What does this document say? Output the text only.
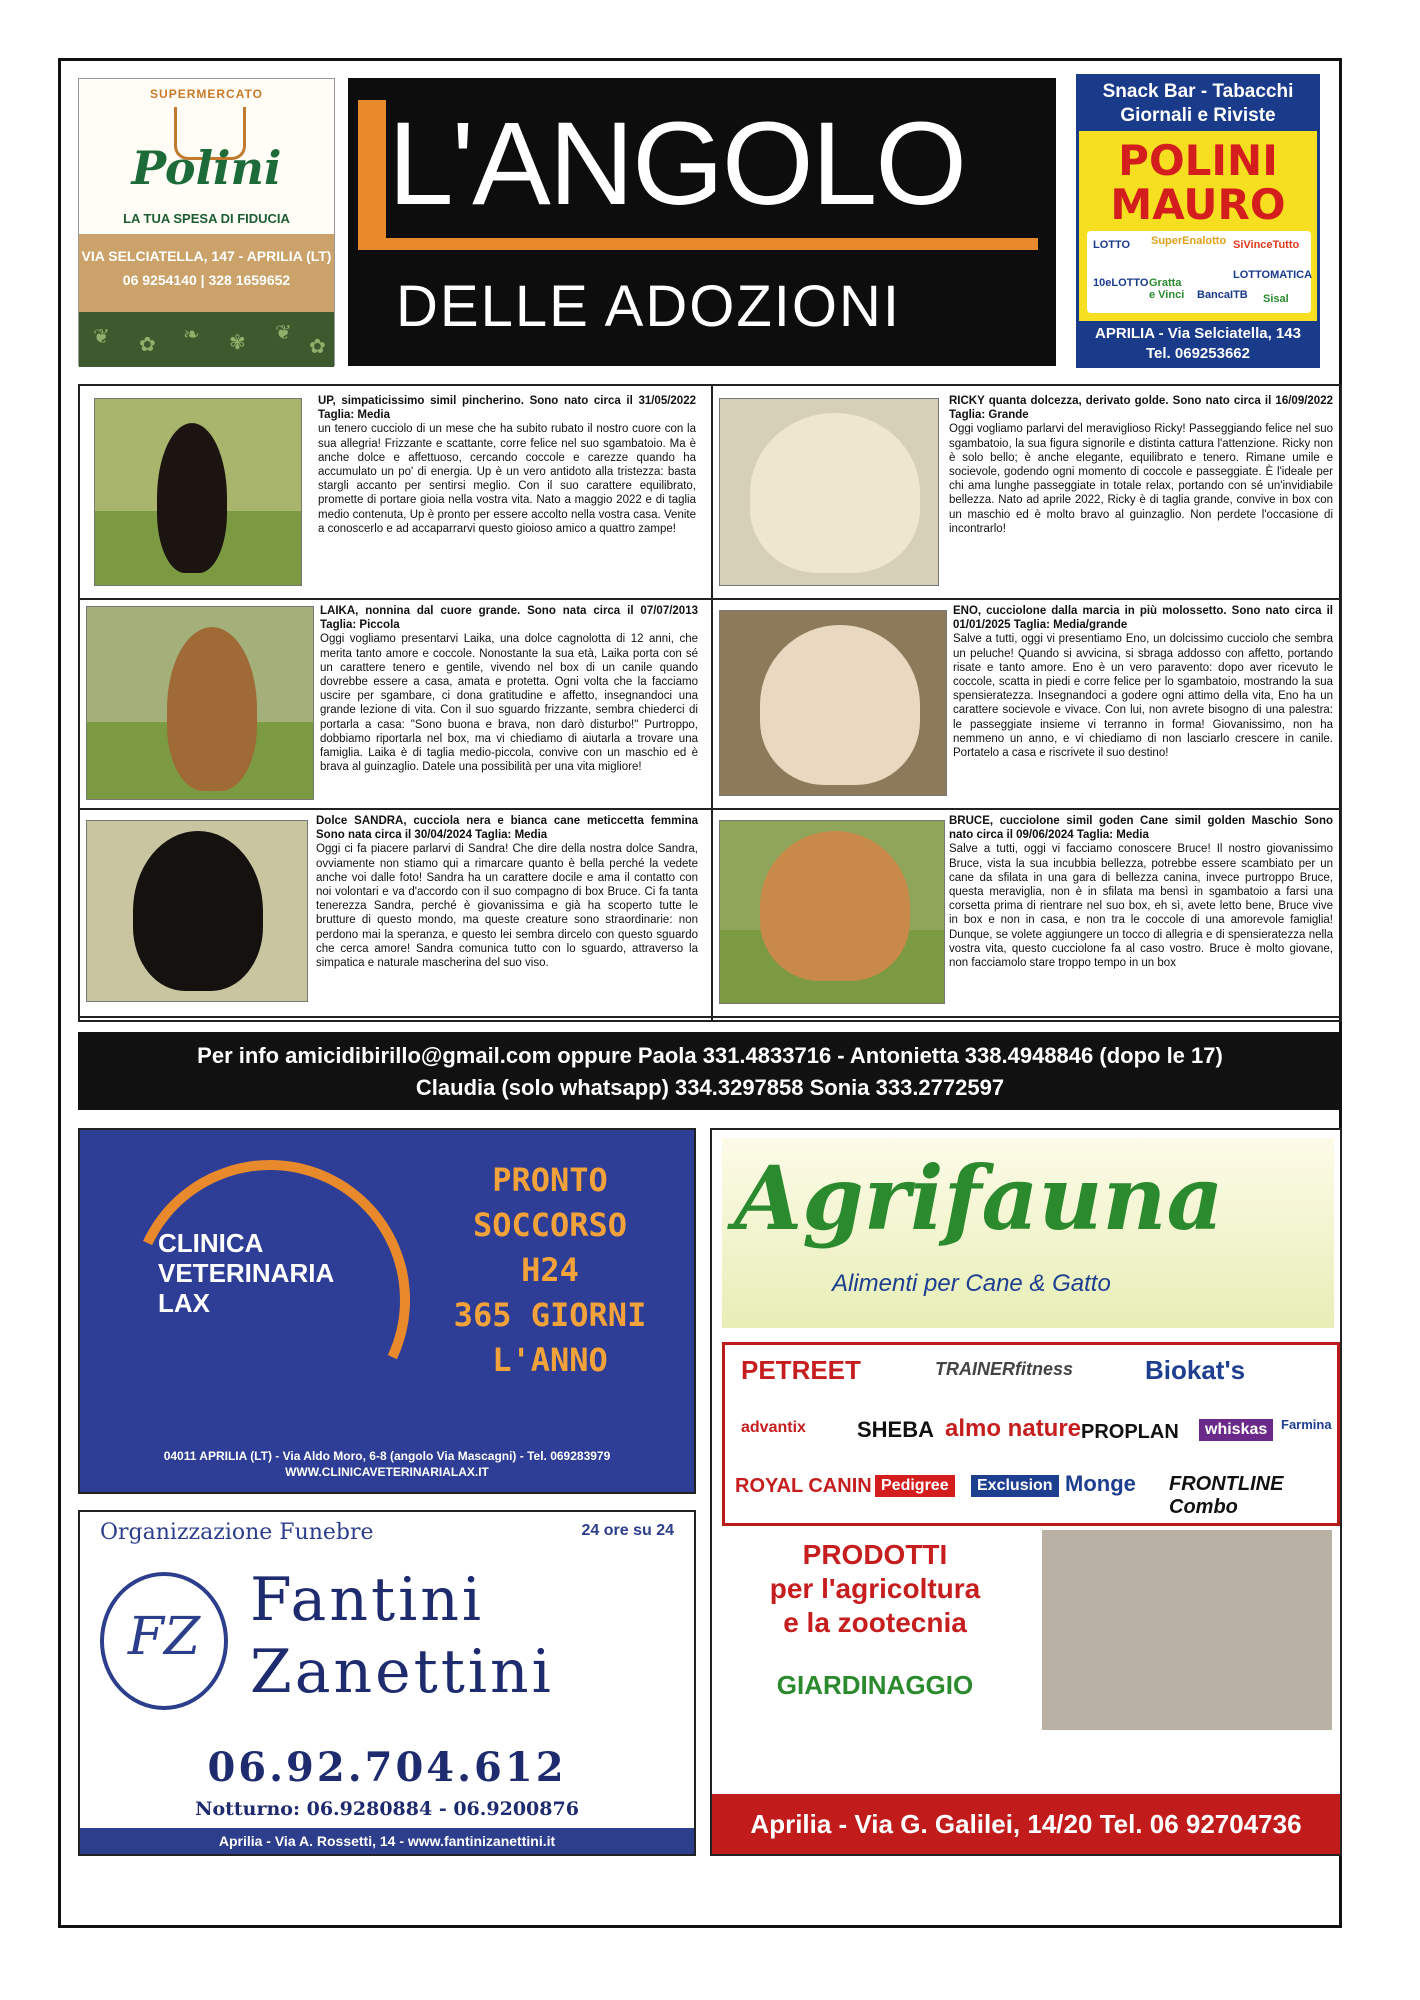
SUPERMERCATO
Polini
LA TUA SPESA DI FIDUCIA
VIA SELCIATELLA, 147 - APRILIA (LT)
06 9254140 | 328 1659652
❦ ✿ ❧ ✾ ❦
✿
L'ANGOLO
DELLE ADOZIONI
Snack Bar - Tabacchi
Giornali e Riviste
POLINI
MAURO
LOTTO SuperEnalotto SiVinceTutto
10eLOTTO Gratta e Vinci
LOTTOMATICA
BancaITB Sisal
APRILIA - Via Selciatella, 143
Tel. 069253662
UP, simpaticissimo simil pincherino. Sono nato circa il 31/05/2022 Taglia: Media
un tenero cucciolo di un mese che ha subito rubato il nostro cuore con la sua allegria! Frizzante e scattante, corre felice nel suo sgambatoio. Ma è anche dolce e affettuoso, cercando coccole e carezze quando ha accumulato un po' di energia. Up è un vero antidoto alla tristezza: basta stargli accanto per sentirsi meglio. Con il suo carattere equilibrato, promette di portare gioia nella vostra vita. Nato a maggio 2022 e di taglia medio contenuta, Up è pronto per essere accolto nella vostra casa. Venite a conoscerlo e ad accaparrarvi questo gioioso amico a quattro zampe!
RICKY quanta dolcezza, derivato golde. Sono nato circa il 16/09/2022 Taglia: Grande
Oggi vogliamo parlarvi del meraviglioso Ricky! Passeggiando felice nel suo sgambatoio, la sua figura signorile e distinta cattura l'attenzione. Ricky non è solo bello; è anche elegante, equilibrato e tenero. Rimane umile e socievole, godendo ogni momento di coccole e passeggiate. È l'ideale per chi ama lunghe passeggiate in totale relax, portando con sé un'invidiabile bellezza. Nato ad aprile 2022, Ricky è di taglia grande, convive in box con un maschio ed è molto bravo al guinzaglio. Non perdete l'occasione di incontrarlo!
LAIKA, nonnina dal cuore grande. Sono nata circa il 07/07/2013 Taglia: Piccola
Oggi vogliamo presentarvi Laika, una dolce cagnolotta di 12 anni, che merita tanto amore e coccole. Nonostante la sua età, Laika porta con sé un carattere tenero e gentile, vivendo nel box di un canile quando dovrebbe essere a casa, amata e protetta. Ogni volta che la facciamo uscire per sgambare, ci dona gratitudine e affetto, insegnandoci una grande lezione di vita. Con il suo sguardo frizzante, sembra chiederci di portarla a casa: "Sono buona e brava, non darò disturbo!" Purtroppo, dobbiamo riportarla nel box, ma vi chiediamo di aiutarla a trovare una famiglia. Laika è di taglia medio-piccola, convive con un maschio ed è brava al guinzaglio. Datele una possibilità per una vita migliore!
ENO, cucciolone dalla marcia in più molossetto. Sono nato circa il 01/01/2025 Taglia: Media/grande
Salve a tutti, oggi vi presentiamo Eno, un dolcissimo cucciolo che sembra un peluche! Quando si avvicina, si sbraga addosso con affetto, portando risate e tanto amore. Eno è un vero paravento: dopo aver ricevuto le coccole, scatta in piedi e corre felice per lo sgambatoio, mostrando la sua spensieratezza. Insegnandoci a godere ogni attimo della vita, Eno ha un carattere socievole e vivace. Con lui, non avrete bisogno di una palestra: le passeggiate insieme vi terranno in forma! Giovanissimo, non ha nemmeno un anno, e vi chiediamo di non lasciarlo crescere in canile. Portatelo a casa e riscrivete il suo destino!
Dolce SANDRA, cucciola nera e bianca cane meticcetta femmina Sono nata circa il 30/04/2024 Taglia: Media
Oggi ci fa piacere parlarvi di Sandra! Che dire della nostra dolce Sandra, ovviamente non stiamo qui a rimarcare quanto è bella perché la vedete anche voi dalle foto! Sandra ha un carattere docile e ama il contatto con noi volontari e va d'accordo con il suo compagno di box Bruce. Ci fa tanta tenerezza Sandra, perché è giovanissima e già ha scoperto tutte le brutture di questo mondo, ma queste creature sono straordinarie: non perdono mai la speranza, e questo lei sembra dircelo con questo sguardo che cerca amore! Sandra comunica tutto con lo sguardo, attraverso la simpatica e naturale mascherina del suo viso.
BRUCE, cucciolone simil goden Cane simil golden Maschio Sono nato circa il 09/06/2024 Taglia: Media
Salve a tutti, oggi vi facciamo conoscere Bruce! Il nostro giovanissimo Bruce, vista la sua incubbia bellezza, potrebbe essere scambiato per un cane da sfilata in una gara di bellezza canina, invece purtroppo Bruce, questa meraviglia, non è in sfilata ma bensì in sgambatoio a farsi una corsetta prima di rientrare nel suo box, eh sì, avete letto bene, Bruce vive in box e non in casa, e non tra le coccole di una amorevole famiglia! Dunque, se volete aggiungere un tocco di allegria e di spensieratezza nella vostra vita, questo cucciolone fa al caso vostro. Bruce è molto giovane, non facciamolo stare troppo tempo in un box
Per info amicidibirillo@gmail.com oppure Paola 331.4833716 - Antonietta 338.4948846 (dopo le 17)
Claudia (solo whatsapp) 334.3297858 Sonia 333.2772597
CLINICA
VETERINARIA
LAX
PRONTO
SOCCORSO
H24
365 GIORNI
L'ANNO
04011 APRILIA (LT) - Via Aldo Moro, 6-8 (angolo Via Mascagni) - Tel. 069283979
WWW.CLINICAVETERINARIALAX.IT
Organizzazione Funebre	24 ore su 24
FZ
Fantini
Zanettini
06.92.704.612
Notturno: 06.9280884 - 06.9200876
Aprilia - Via A. Rossetti, 14 - www.fantinizanettini.it
Agrifauna
Alimenti per Cane & Gatto
PETREET	TRAINERfitness	Biokat's
advantix SHEBA almo nature PROPLAN	whiskas	Farmina
ROYAL CANIN Pedigree	Exclusion Monge FRONTLINE Combo
PRODOTTI
per l'agricoltura
e la zootecnia
GIARDINAGGIO
Aprilia - Via G. Galilei, 14/20 Tel. 06 92704736
